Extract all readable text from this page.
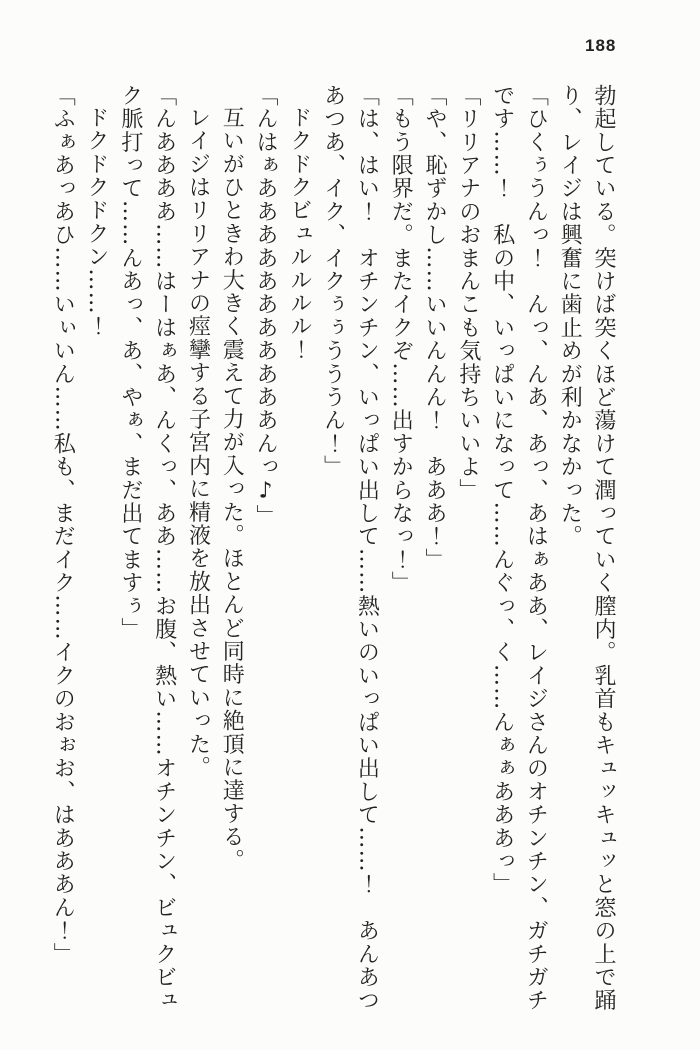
188

勃起している。突けば突くほど蕩けて潤っていく膣内。乳首もキュッキュッと窓の上で踊り、レイジは興奮に歯止めが利かなかった。

「ひくぅうんっ！　んっ、んあ、あっ、あはぁああ、レイジさんのオチンチン、ガチガチです……！　私の中、いっぱいになって……んぐっ、く……んぁぁあああっ」

「リリアナのおまんこも気持ちいいよ」

「や、恥ずかし……いいんんん！　あああ！」

「もう限界だ。またイクぞ……出すからなっ！」

「は、はい！　オチンチン、いっぱい出して……熱いのいっぱい出して……！　あんあつあつあ、イク、イクぅぅうううん！」

ドクドクビュルルルル！

「んはぁあああああああああああんっ♪」

互いがひときわ大きく震えて力が入った。ほとんど同時に絶頂に達する。

レイジはリリアナの痙攣する子宮内に精液を放出させていった。

「んああああ……はーはぁあ、んくっ、ああ……お腹、熱い……オチンチン、ビュクビュク脈打って……んあっ、あ、やぁ、まだ出てますぅ」

ドクドクドクン……！

「ふぁあっあひ……いぃいん……私も、まだイク……イクのおぉお、はあああん！」
